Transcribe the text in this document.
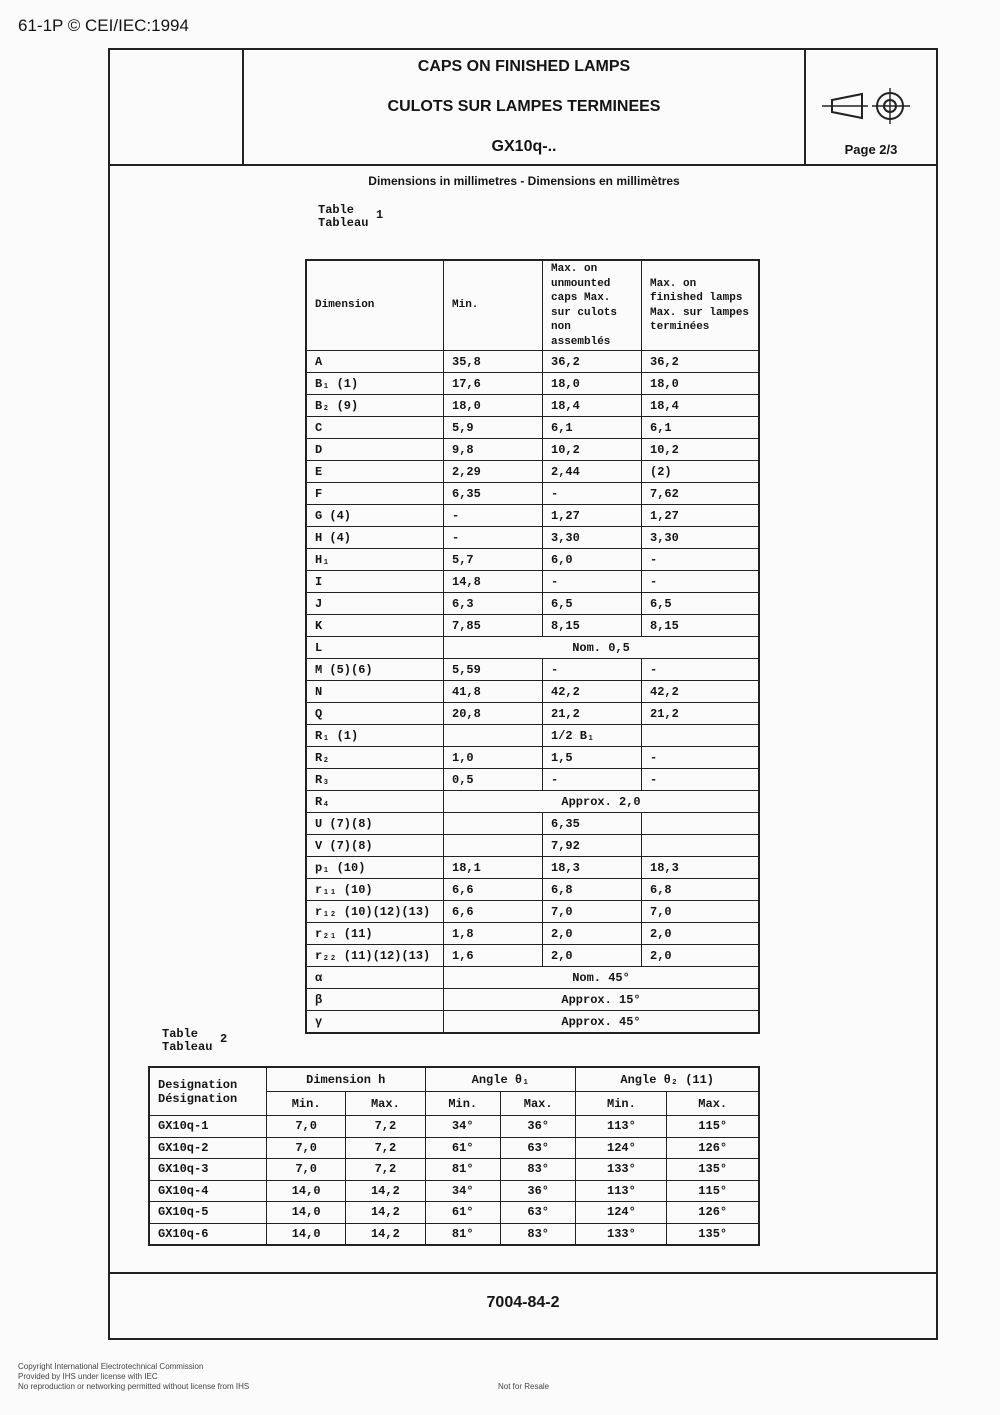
61-1P © CEI/IEC:1994
CAPS ON FINISHED LAMPS
CULOTS SUR LAMPES TERMINEES
GX10q-..	Page 2/3
Dimensions in millimetres - Dimensions en millimètres
Table
Tableau
1
Dimension	Min.	Max. on unmounted caps Max. sur culots non assemblés	Max. on finished lamps Max. sur lampes terminées
A	35,8	36,2	36,2
B₁ (1)	17,6	18,0	18,0
B₂ (9)	18,0	18,4	18,4
C	5,9	6,1	6,1
D	9,8	10,2	10,2
E	2,29	2,44	(2)
F	6,35	-	7,62
G (4)	-	1,27	1,27
H (4)	-	3,30	3,30
H₁	5,7	6,0	-
I	14,8	-	-
J	6,3	6,5	6,5
K	7,85	8,15	8,15
L	Nom. 0,5		
M (5)(6)	5,59	-	-
N	41,8	42,2	42,2
Q	20,8	21,2	21,2
R₁ (1)		1/2 B₁	
R₂	1,0	1,5	-
R₃	0,5	-	-
R₄	Approx. 2,0		
U (7)(8)		6,35	
V (7)(8)		7,92	
p₁ (10)	18,1	18,3	18,3
r₁₁ (10)	6,6	6,8	6,8
r₁₂ (10)(12)(13)	6,6	7,0	7,0
r₂₁ (11)	1,8	2,0	2,0
r₂₂ (11)(12)(13)	1,6	2,0	2,0
α	Nom. 45°		
β	Approx. 15°		
γ	Approx. 45°		
Table
Tableau
2
Designation Désignation	Dimension h		Angle θ₁		Angle θ₂ (11)	
	Min.	Max.	Min.	Max.	Min.	Max.
GX10q-1	7,0	7,2	34°	36°	113°	115°
GX10q-2	7,0	7,2	61°	63°	124°	126°
GX10q-3	7,0	7,2	81°	83°	133°	135°
GX10q-4	14,0	14,2	34°	36°	113°	115°
GX10q-5	14,0	14,2	61°	63°	124°	126°
GX10q-6	14,0	14,2	81°	83°	133°	135°
7004-84-2
Copyright International Electrotechnical Commission
Provided by IHS under license with IEC
No reproduction or networking permitted without license from IHS	Not for Resale
